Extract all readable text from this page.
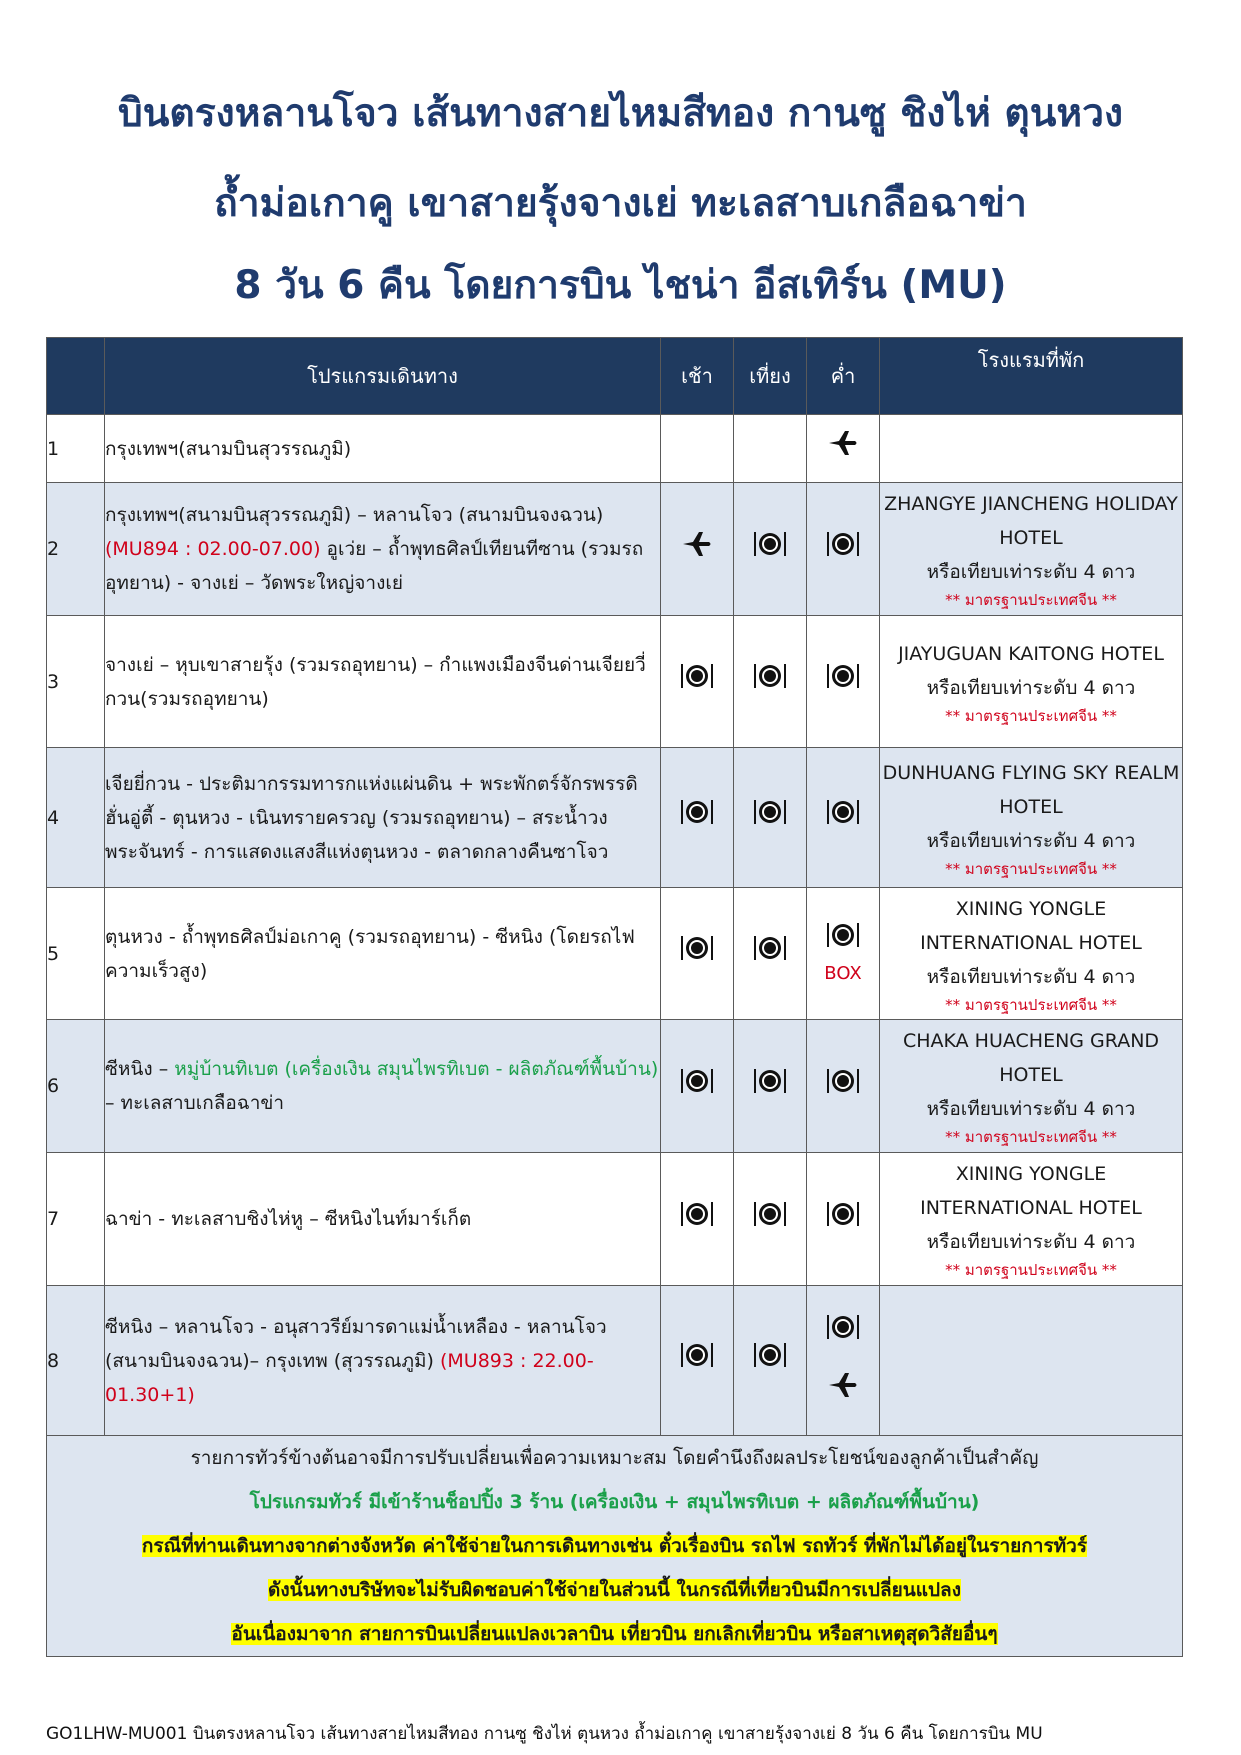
บินตรงหลานโจว เส้นทางสายไหมสีทอง กานซู ชิงไห่ ตุนหวง
ถ้ำม่อเกาคู เขาสายรุ้งจางเย่ ทะเลสาบเกลือฉาข่า
8 วัน 6 คืน โดยการบิน ไชน่า อีสเทิร์น (MU)
	โปรแกรมเดินทาง	เช้า	เที่ยง	ค่ำ	โรงแรมที่พัก
1	กรุงเทพฯ(สนามบินสุวรรณภูมิ)				
2	กรุงเทพฯ(สนามบินสุวรรณภูมิ) – หลานโจว (สนามบินจงฉวน) (MU894 : 02.00-07.00) อูเว่ย – ถ้ำพุทธศิลป์เทียนทีซาน (รวมรถอุทยาน) - จางเย่ – วัดพระใหญ่จางเย่				ZHANGYE JIANCHENG HOLIDAY HOTEL
หรือเทียบเท่าระดับ 4 ดาว
** มาตรฐานประเทศจีน **

3	จางเย่ – หุบเขาสายรุ้ง (รวมรถอุทยาน) – กำแพงเมืองจีนด่านเจียยวี่กวน(รวมรถอุทยาน)				JIAYUGUAN KAITONG HOTEL
หรือเทียบเท่าระดับ 4 ดาว
** มาตรฐานประเทศจีน **

4	เจียยี่กวน - ประติมากรรมทารกแห่งแผ่นดิน + พระพักตร์จักรพรรดิฮั่นอู่ตี้ - ตุนหวง - เนินทรายครวญ (รวมรถอุทยาน) – สระน้ำวงพระจันทร์ - การแสดงแสงสีแห่งตุนหวง - ตลาดกลางคืนซาโจว				DUNHUANG FLYING SKY REALM HOTEL
หรือเทียบเท่าระดับ 4 ดาว
** มาตรฐานประเทศจีน **

5	ตุนหวง - ถ้ำพุทธศิลป์ม่อเกาคู (รวมรถอุทยาน) - ซีหนิง (โดยรถไฟความเร็วสูง)			BOX	XINING YONGLE INTERNATIONAL HOTEL
หรือเทียบเท่าระดับ 4 ดาว
** มาตรฐานประเทศจีน **

6	ซีหนิง – หมู่บ้านทิเบต (เครื่องเงิน สมุนไพรทิเบต - ผลิตภัณฑ์พื้นบ้าน) – ทะเลสาบเกลือฉาข่า				CHAKA HUACHENG GRAND HOTEL
หรือเทียบเท่าระดับ 4 ดาว
** มาตรฐานประเทศจีน **

7	ฉาข่า - ทะเลสาบชิงไห่หู – ซีหนิงไนท์มาร์เก็ต				XINING YONGLE INTERNATIONAL HOTEL
หรือเทียบเท่าระดับ 4 ดาว
** มาตรฐานประเทศจีน **

8	ซีหนิง – หลานโจว - อนุสาวรีย์มารดาแม่น้ำเหลือง - หลานโจว (สนามบินจงฉวน)– กรุงเทพ (สุวรรณภูมิ) (MU893 : 22.00-01.30+1)			

รายการทัวร์ข้างต้นอาจมีการปรับเปลี่ยนเพื่อความเหมาะสม โดยคำนึงถึงผลประโยชน์ของลูกค้าเป็นสำคัญ
โปรแกรมทัวร์ มีเข้าร้านช็อปปิ้ง 3 ร้าน (เครื่องเงิน + สมุนไพรทิเบต + ผลิตภัณฑ์พื้นบ้าน)
กรณีที่ท่านเดินทางจากต่างจังหวัด ค่าใช้จ่ายในการเดินทางเช่น ตั๋วเรื่องบิน รถไฟ รถทัวร์ ที่พักไม่ได้อยู่ในรายการทัวร์
ดังนั้นทางบริษัทจะไม่รับผิดชอบค่าใช้จ่ายในส่วนนี้ ในกรณีที่เที่ยวบินมีการเปลี่ยนแปลง
อันเนื่องมาจาก สายการบินเปลี่ยนแปลงเวลาบิน เที่ยวบิน ยกเลิกเที่ยวบิน หรือสาเหตุสุดวิสัยอื่นๆ					
GO1LHW-MU001 บินตรงหลานโจว เส้นทางสายไหมสีทอง กานซู ชิงไห่ ตุนหวง ถ้ำม่อเกาคู เขาสายรุ้งจางเย่ 8 วัน 6 คืน โดยการบิน MU
